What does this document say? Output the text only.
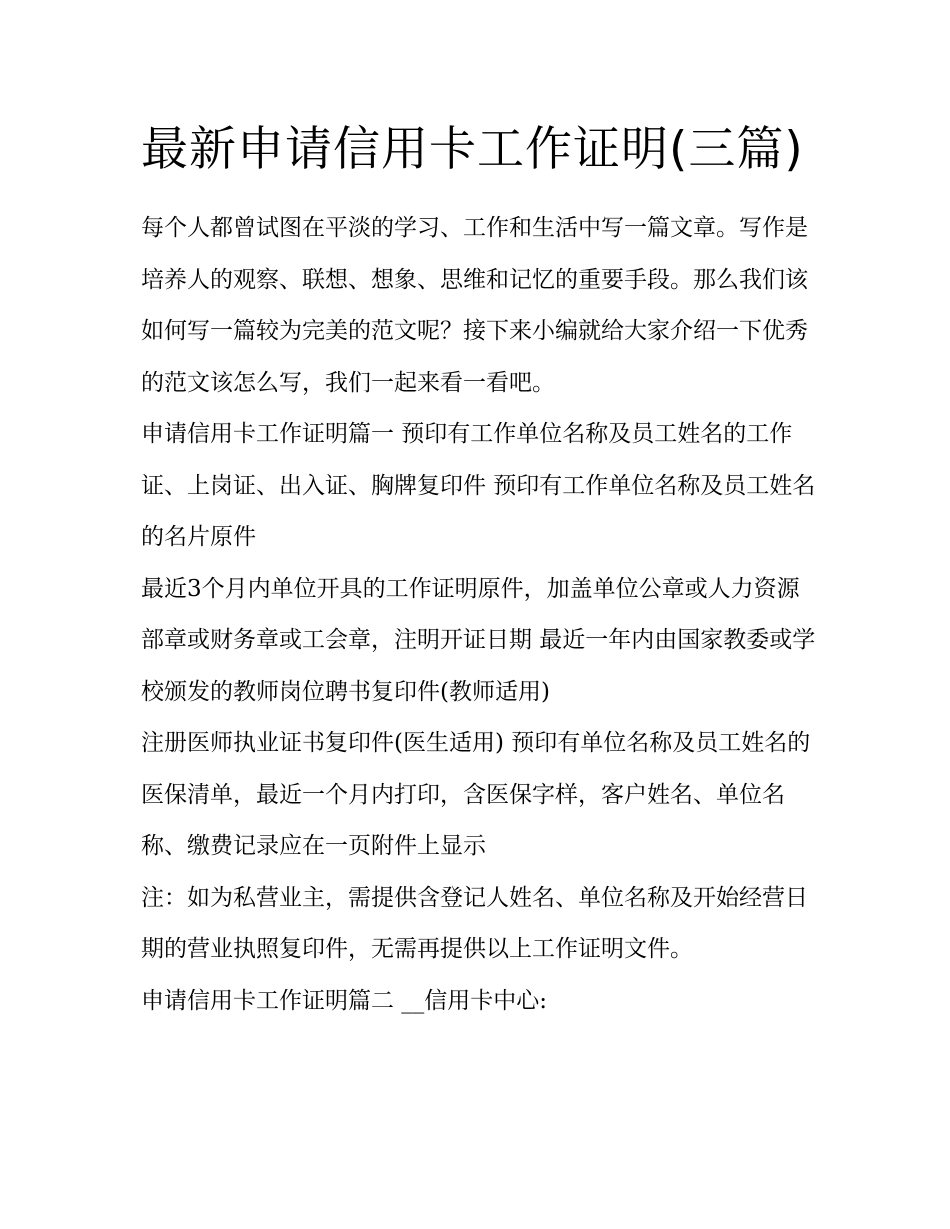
最新申请信用卡工作证明(三篇)

每个人都曾试图在平淡的学习、工作和生活中写一篇文章。写作是培养人的观察、联想、想象、思维和记忆的重要手段。那么我们该如何写一篇较为完美的范文呢？接下来小编就给大家介绍一下优秀的范文该怎么写，我们一起来看一看吧。

申请信用卡工作证明篇一 预印有工作单位名称及员工姓名的工作证、上岗证、出入证、胸牌复印件 预印有工作单位名称及员工姓名的名片原件

最近3个月内单位开具的工作证明原件，加盖单位公章或人力资源部章或财务章或工会章，注明开证日期 最近一年内由国家教委或学校颁发的教师岗位聘书复印件(教师适用)

注册医师执业证书复印件(医生适用) 预印有单位名称及员工姓名的医保清单，最近一个月内打印，含医保字样，客户姓名、单位名称、缴费记录应在一页附件上显示

注：如为私营业主，需提供含登记人姓名、单位名称及开始经营日期的营业执照复印件，无需再提供以上工作证明文件。

申请信用卡工作证明篇二 __信用卡中心:
